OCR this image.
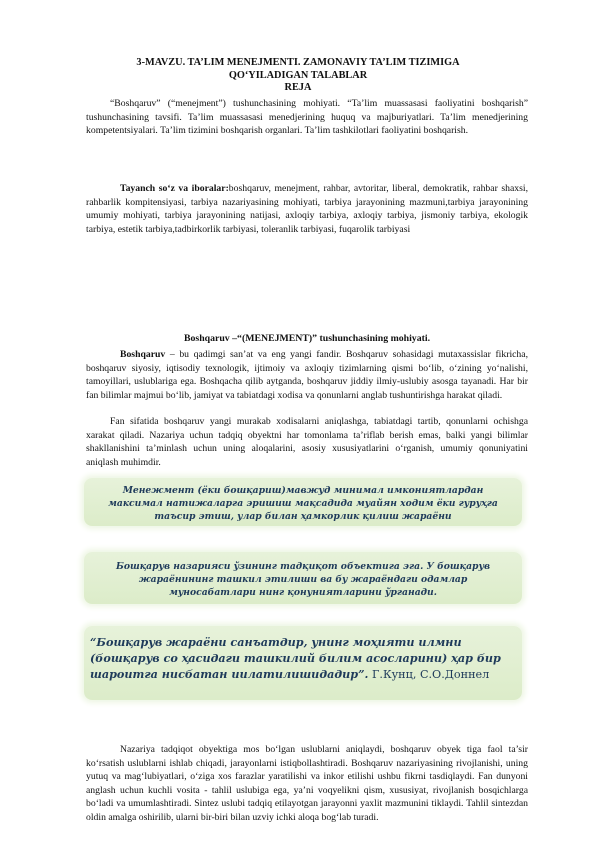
3-MAVZU. TA’LIM MENEJMENTI. ZAMONAVIY TA’LIM TIZIMIGA
QO‘YILADIGAN TALABLAR
REJA

“Boshqaruv” (“menejment”) tushunchasining mohiyati. “Ta’lim muassasasi faoliyatini boshqarish” tushunchasining tavsifi. Ta’lim muassasasi menedjerining huquq va majburiyatlari. Ta’lim menedjerining kompetentsiyalari. Ta’lim tizimini boshqarish organlari. Ta’lim tashkilotlari faoliyatini boshqarish.

Tayanch so‘z va iboralar:boshqaruv, menejment, rahbar, avtoritar, liberal, demokratik, rahbar shaxsi, rahbarlik kompitensiyasi, tarbiya nazariyasining mohiyati, tarbiya jarayonining mazmuni,tarbiya jarayonining umumiy mohiyati, tarbiya jarayonining natijasi, axloqiy tarbiya, axloqiy tarbiya, jismoniy tarbiya, ekologik tarbiya, estetik tarbiya,tadbirkorlik tarbiyasi, toleranlik tarbiyasi, fuqarolik tarbiyasi

Boshqaruv –“(MENEJMENT)” tushunchasining mohiyati.

Boshqaruv – bu qadimgi san’at va eng yangi fandir. Boshqaruv sohasidagi mutaxassislar fikricha, boshqaruv siyosiy, iqtisodiy texnologik, ijtimoiy va axloqiy tizimlarning qismi bo‘lib, o‘zining yo‘nalishi, tamoyillari, uslublariga ega. Boshqacha qilib aytganda, boshqaruv jiddiy ilmiy-uslubiy asosga tayanadi. Har bir fan bilimlar majmui bo‘lib, jamiyat va tabiatdagi xodisa va qonunlarni anglab tushuntirishga harakat qiladi.

Fan sifatida boshqaruv yangi murakab xodisalarni aniqlashga, tabiatdagi tartib, qonunlarni ochishga xarakat qiladi. Nazariya uchun tadqiq obyektni har tomonlama ta’riflab berish emas, balki yangi bilimlar shakllanishini ta’minlash uchun uning aloqalarini, asosiy xususiyatlarini o‘rganish, umumiy qonuniyatini aniqlash muhimdir.

Менежмент (ёки бошқариш)мавжуд минимал имкониятлардан максимал натижаларга эришиш мақсадида муайян ходим ёки гуруҳга таъсир этиш, улар билан ҳамкорлик қилиш жараёни
Бошқарув назарияси ўзининг тадқиқот объектига эга. У бошқарув жараёнининг ташкил этилиши ва бу жараёндаги одамлар муносабатлари нинг қонуниятларини ўрганади.
“Бошқарув жараёни санъатдир, унинг моҳияти илмни (бошқарув со ҳасидаги ташкилий билим асосларини) ҳар бир шароитга нисбатан иилатилишидадир”. Г.Кунц, С.О.Доннел

Nazariya tadqiqot obyektiga mos bo‘lgan uslublarni aniqlaydi, boshqaruv obyek tiga faol ta’sir ko‘rsatish uslublarni ishlab chiqadi, jarayonlarni istiqbollashtiradi. Boshqaruv nazariyasining rivojlanishi, uning yutuq va mag‘lubiyatlari, o‘ziga xos farazlar yaratilishi va inkor etilishi ushbu fikrni tasdiqlaydi. Fan dunyoni anglash uchun kuchli vosita - tahlil uslubiga ega, ya’ni voqyelikni qism, xususiyat, rivojlanish bosqichlarga bo‘ladi va umumlashtiradi. Sintez uslubi tadqiq etilayotgan jarayonni yaxlit mazmunini tiklaydi. Tahlil sintezdan oldin amalga oshirilib, ularni bir-biri bilan uzviy ichki aloqa bog‘lab turadi.
